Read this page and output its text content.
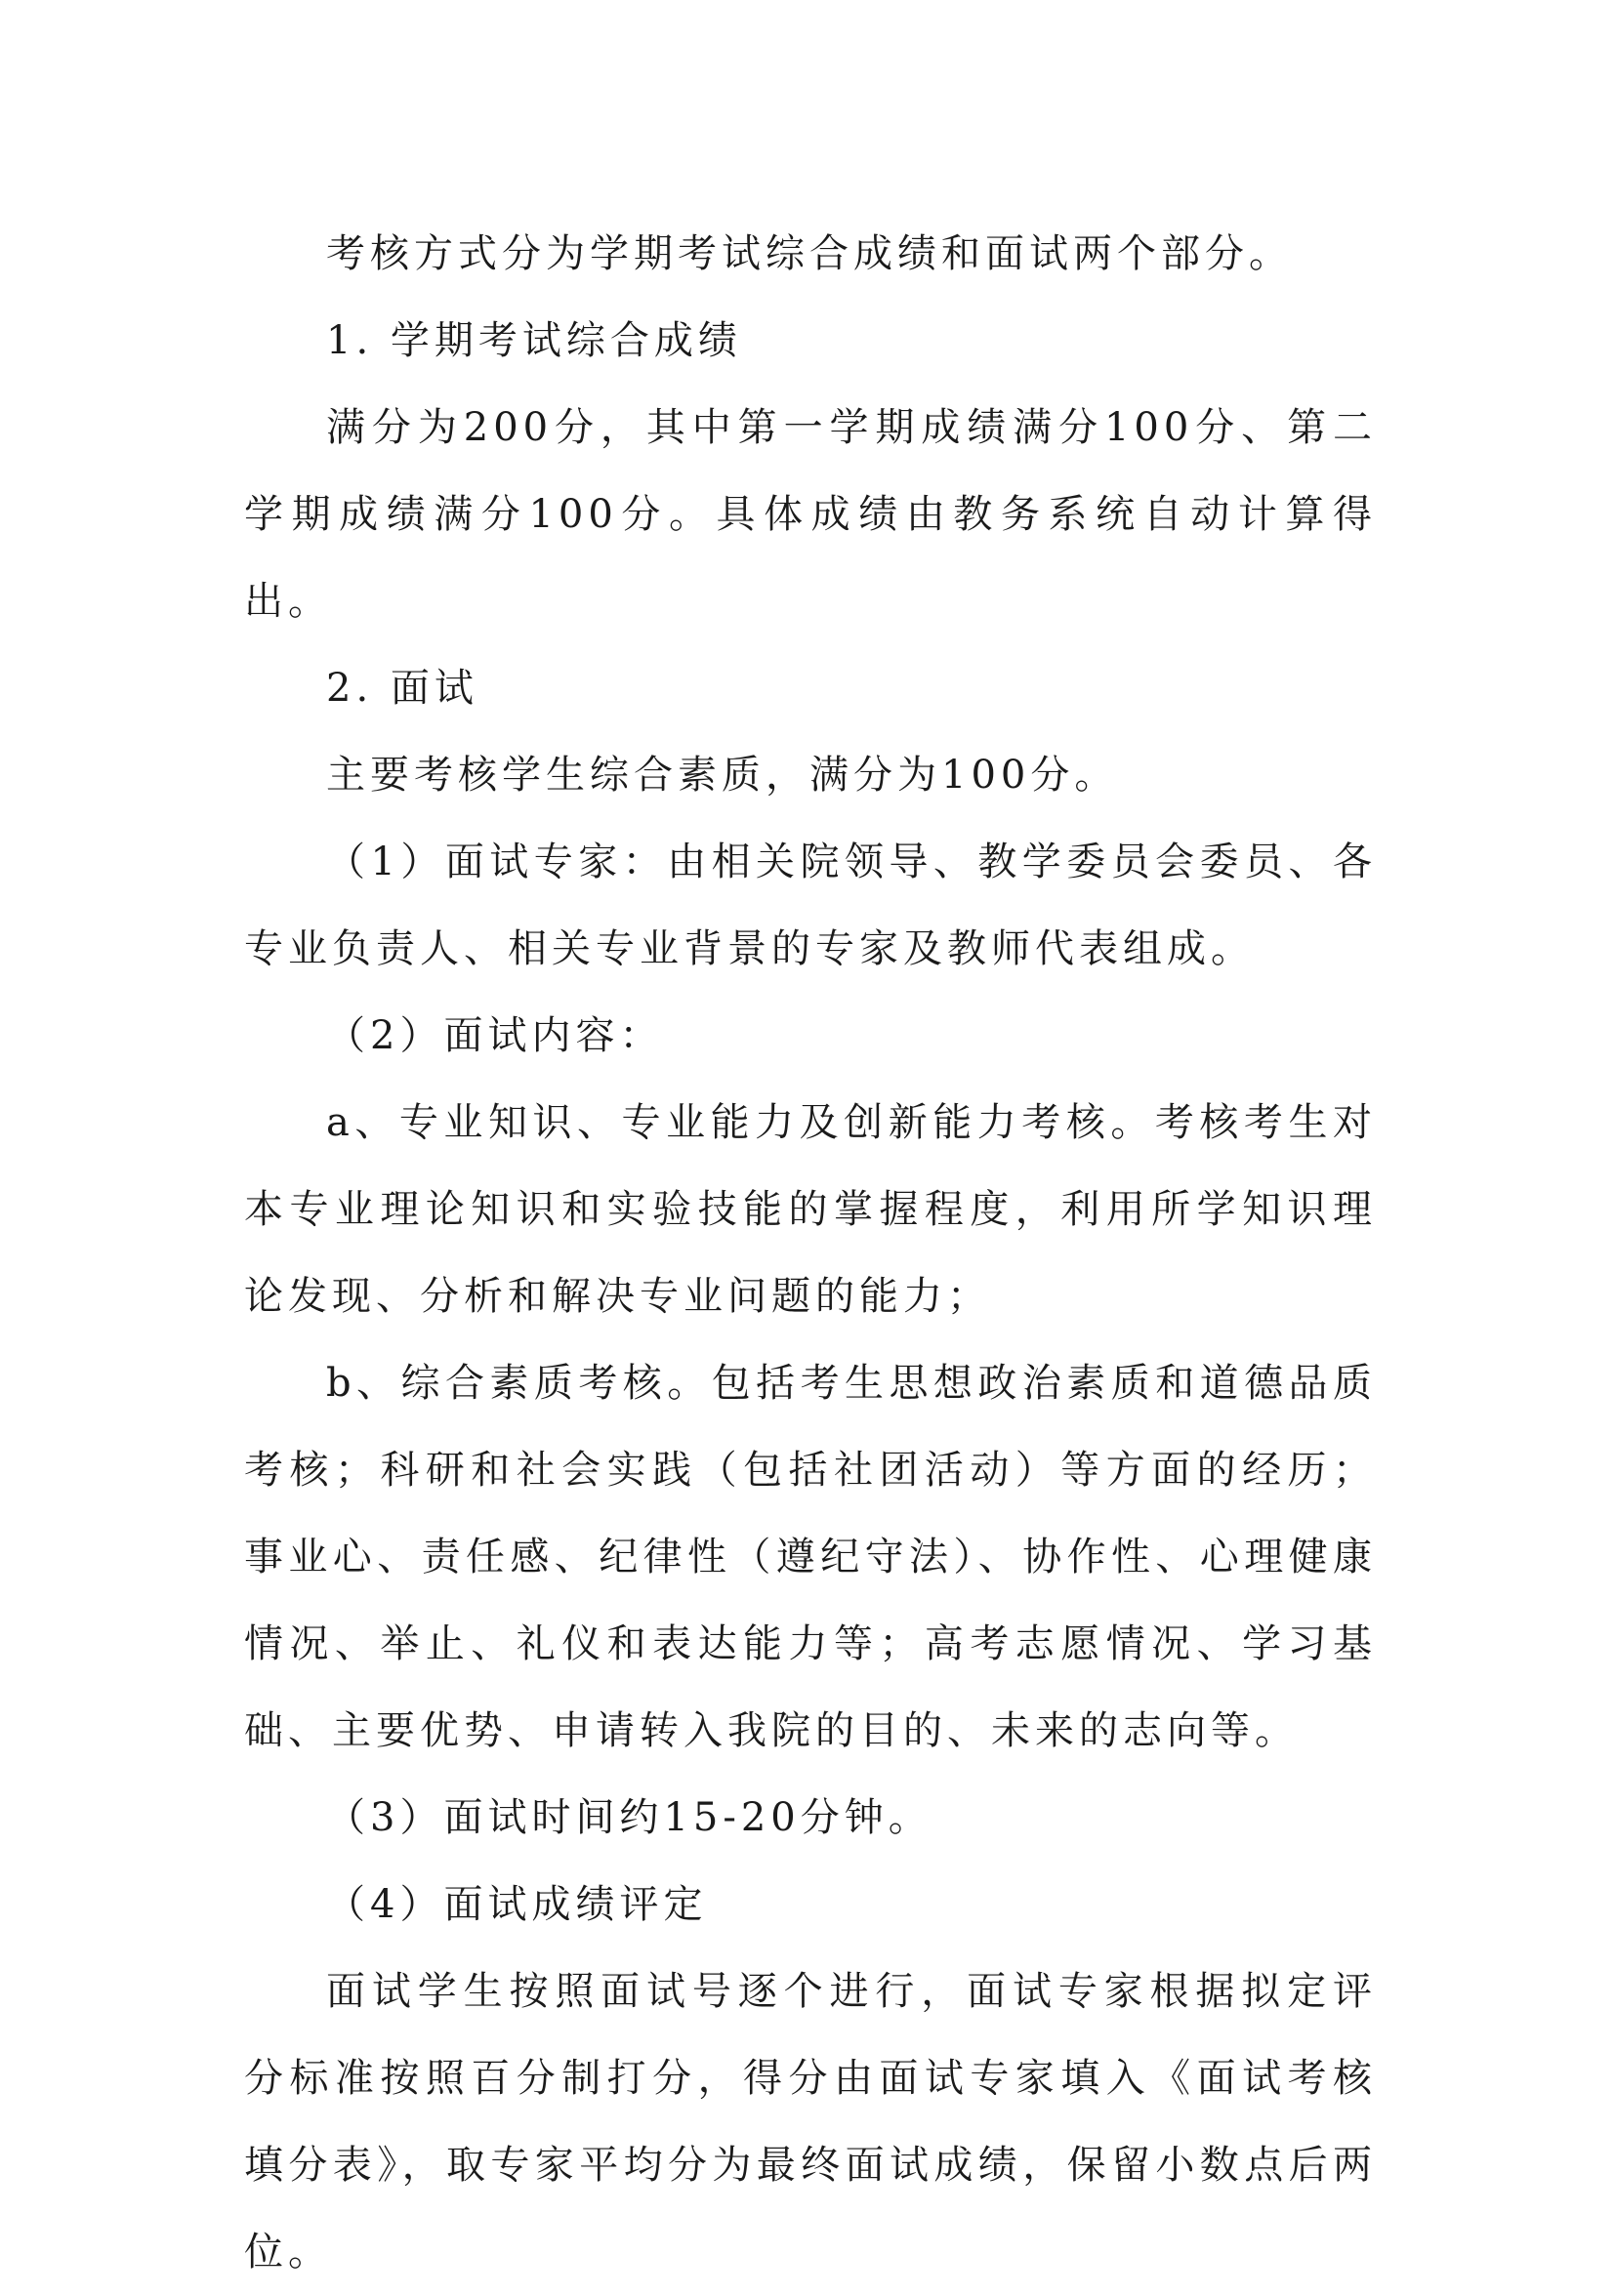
考核方式分为学期考试综合成绩和面试两个部分。

1. 学期考试综合成绩

满分为200分，其中第一学期成绩满分100分、第二学期成绩满分100分。具体成绩由教务系统自动计算得出。

2. 面试

主要考核学生综合素质，满分为100分。

（1）面试专家：由相关院领导、教学委员会委员、各专业负责人、相关专业背景的专家及教师代表组成。

（2）面试内容：

a、专业知识、专业能力及创新能力考核。考核考生对本专业理论知识和实验技能的掌握程度，利用所学知识理论发现、分析和解决专业问题的能力；

b、综合素质考核。包括考生思想政治素质和道德品质考核；科研和社会实践（包括社团活动）等方面的经历；事业心、责任感、纪律性（遵纪守法）、协作性、心理健康情况、举止、礼仪和表达能力等；高考志愿情况、学习基础、主要优势、申请转入我院的目的、未来的志向等。

（3）面试时间约15-20分钟。

（4）面试成绩评定

面试学生按照面试号逐个进行，面试专家根据拟定评分标准按照百分制打分，得分由面试专家填入《面试考核填分表》，取专家平均分为最终面试成绩，保留小数点后两位。
